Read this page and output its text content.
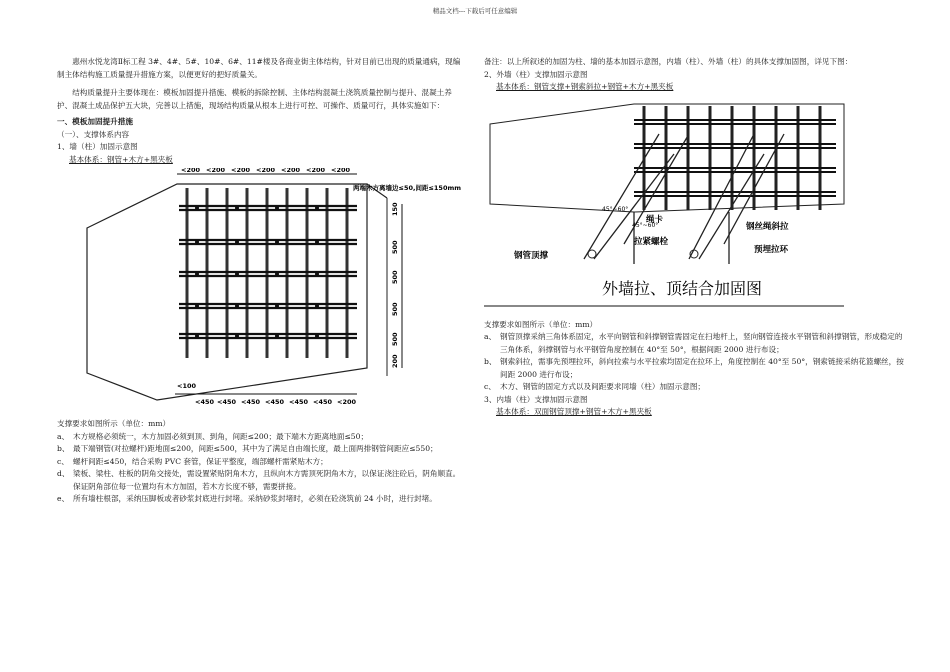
精品文档---下载后可任意编辑

惠州水悦龙湾Ⅱ标工程 3#、4#、5#、10#、6#、11#楼及各商业街主体结构，针对目前已出现的质量通病，现编制主体结构施工质量提升措施方案，以便更好的把好质量关。

结构质量提升主要体现在：模板加固提升措施、模板的拆除控制、主体结构混凝土浇筑质量控制与提升、混凝土养护、混凝土成品保护五大块，完善以上措施，现场结构质量从根本上进行可控、可操作、质量可行，具体实施如下：

一、模板加固提升措施

（一）、支撑体系内容

1、墙（柱）加固示意图

基本体系：钢管+木方+黑夹板

<200 <200 <200 <200 <200 <200 <200
两端木方离墙边≤50,间距≤150mm
150
500
500
500
500
200
<100
<450 <450 <450 <450 <450 <450 <200

支撑要求如图所示（单位：mm）

a、 木方规格必须统一，木方加固必须到顶、到角，间距≤200；最下端木方距离地面≤50；
b、 最下端钢管(对拉螺杆)距地面≤200，间距≤500，其中为了满足自由端长度，最上面两排钢管间距应≤550；
c、 螺杆间距≤450，结合采购 PVC 套管，保证平整度，端部螺杆需紧贴木方；
d、 梁板、梁柱、柱板的阴角交接处，需设置紧贴阴角木方，且纵向木方需顶死阴角木方，以保证浇注砼后，阴角顺直。保证阴角部位每一位置均有木方加固，若木方长度不够，需要拼接。
e、 所有墙柱根部，采纳压脚板或者砂浆封底进行封堵。采纳砂浆封堵时，必须在砼浇筑前 24 小时，进行封堵。

备注：以上所叙述的加固为柱、墙的基本加固示意图，内墙（柱）、外墙（柱）的具体支撑加固图，详见下图：

2、外墙（柱）支撑加固示意图

基本体系：钢管支撑+钢索斜拉+钢管+木方+黑夹板

45°~60°
45°~60°
钢管顶撑
绳卡
拉紧螺栓
钢丝绳斜拉
预埋拉环
外墙拉、顶结合加固图

支撑要求如图所示（单位：mm）

a、 钢管顶撑采纳三角体系固定，水平向钢管和斜撑钢管需固定在扫地杆上，竖向钢管连接水平钢管和斜撑钢管，形成稳定的三角体系，斜撑钢管与水平钢管角度控制在 40°至 50°，根据间距 2000 进行布设；
b、 钢索斜拉，需事先预埋拉环，斜向拉索与水平拉索均固定在拉环上，角度控制在 40°至 50°，钢索链接采纳花篮螺丝，按间距 2000 进行布设；
c、 木方、钢管的固定方式以及间距要求同墙（柱）加固示意图；

3、内墙（柱）支撑加固示意图

基本体系：双面钢管顶撑+钢管+木方+黑夹板
